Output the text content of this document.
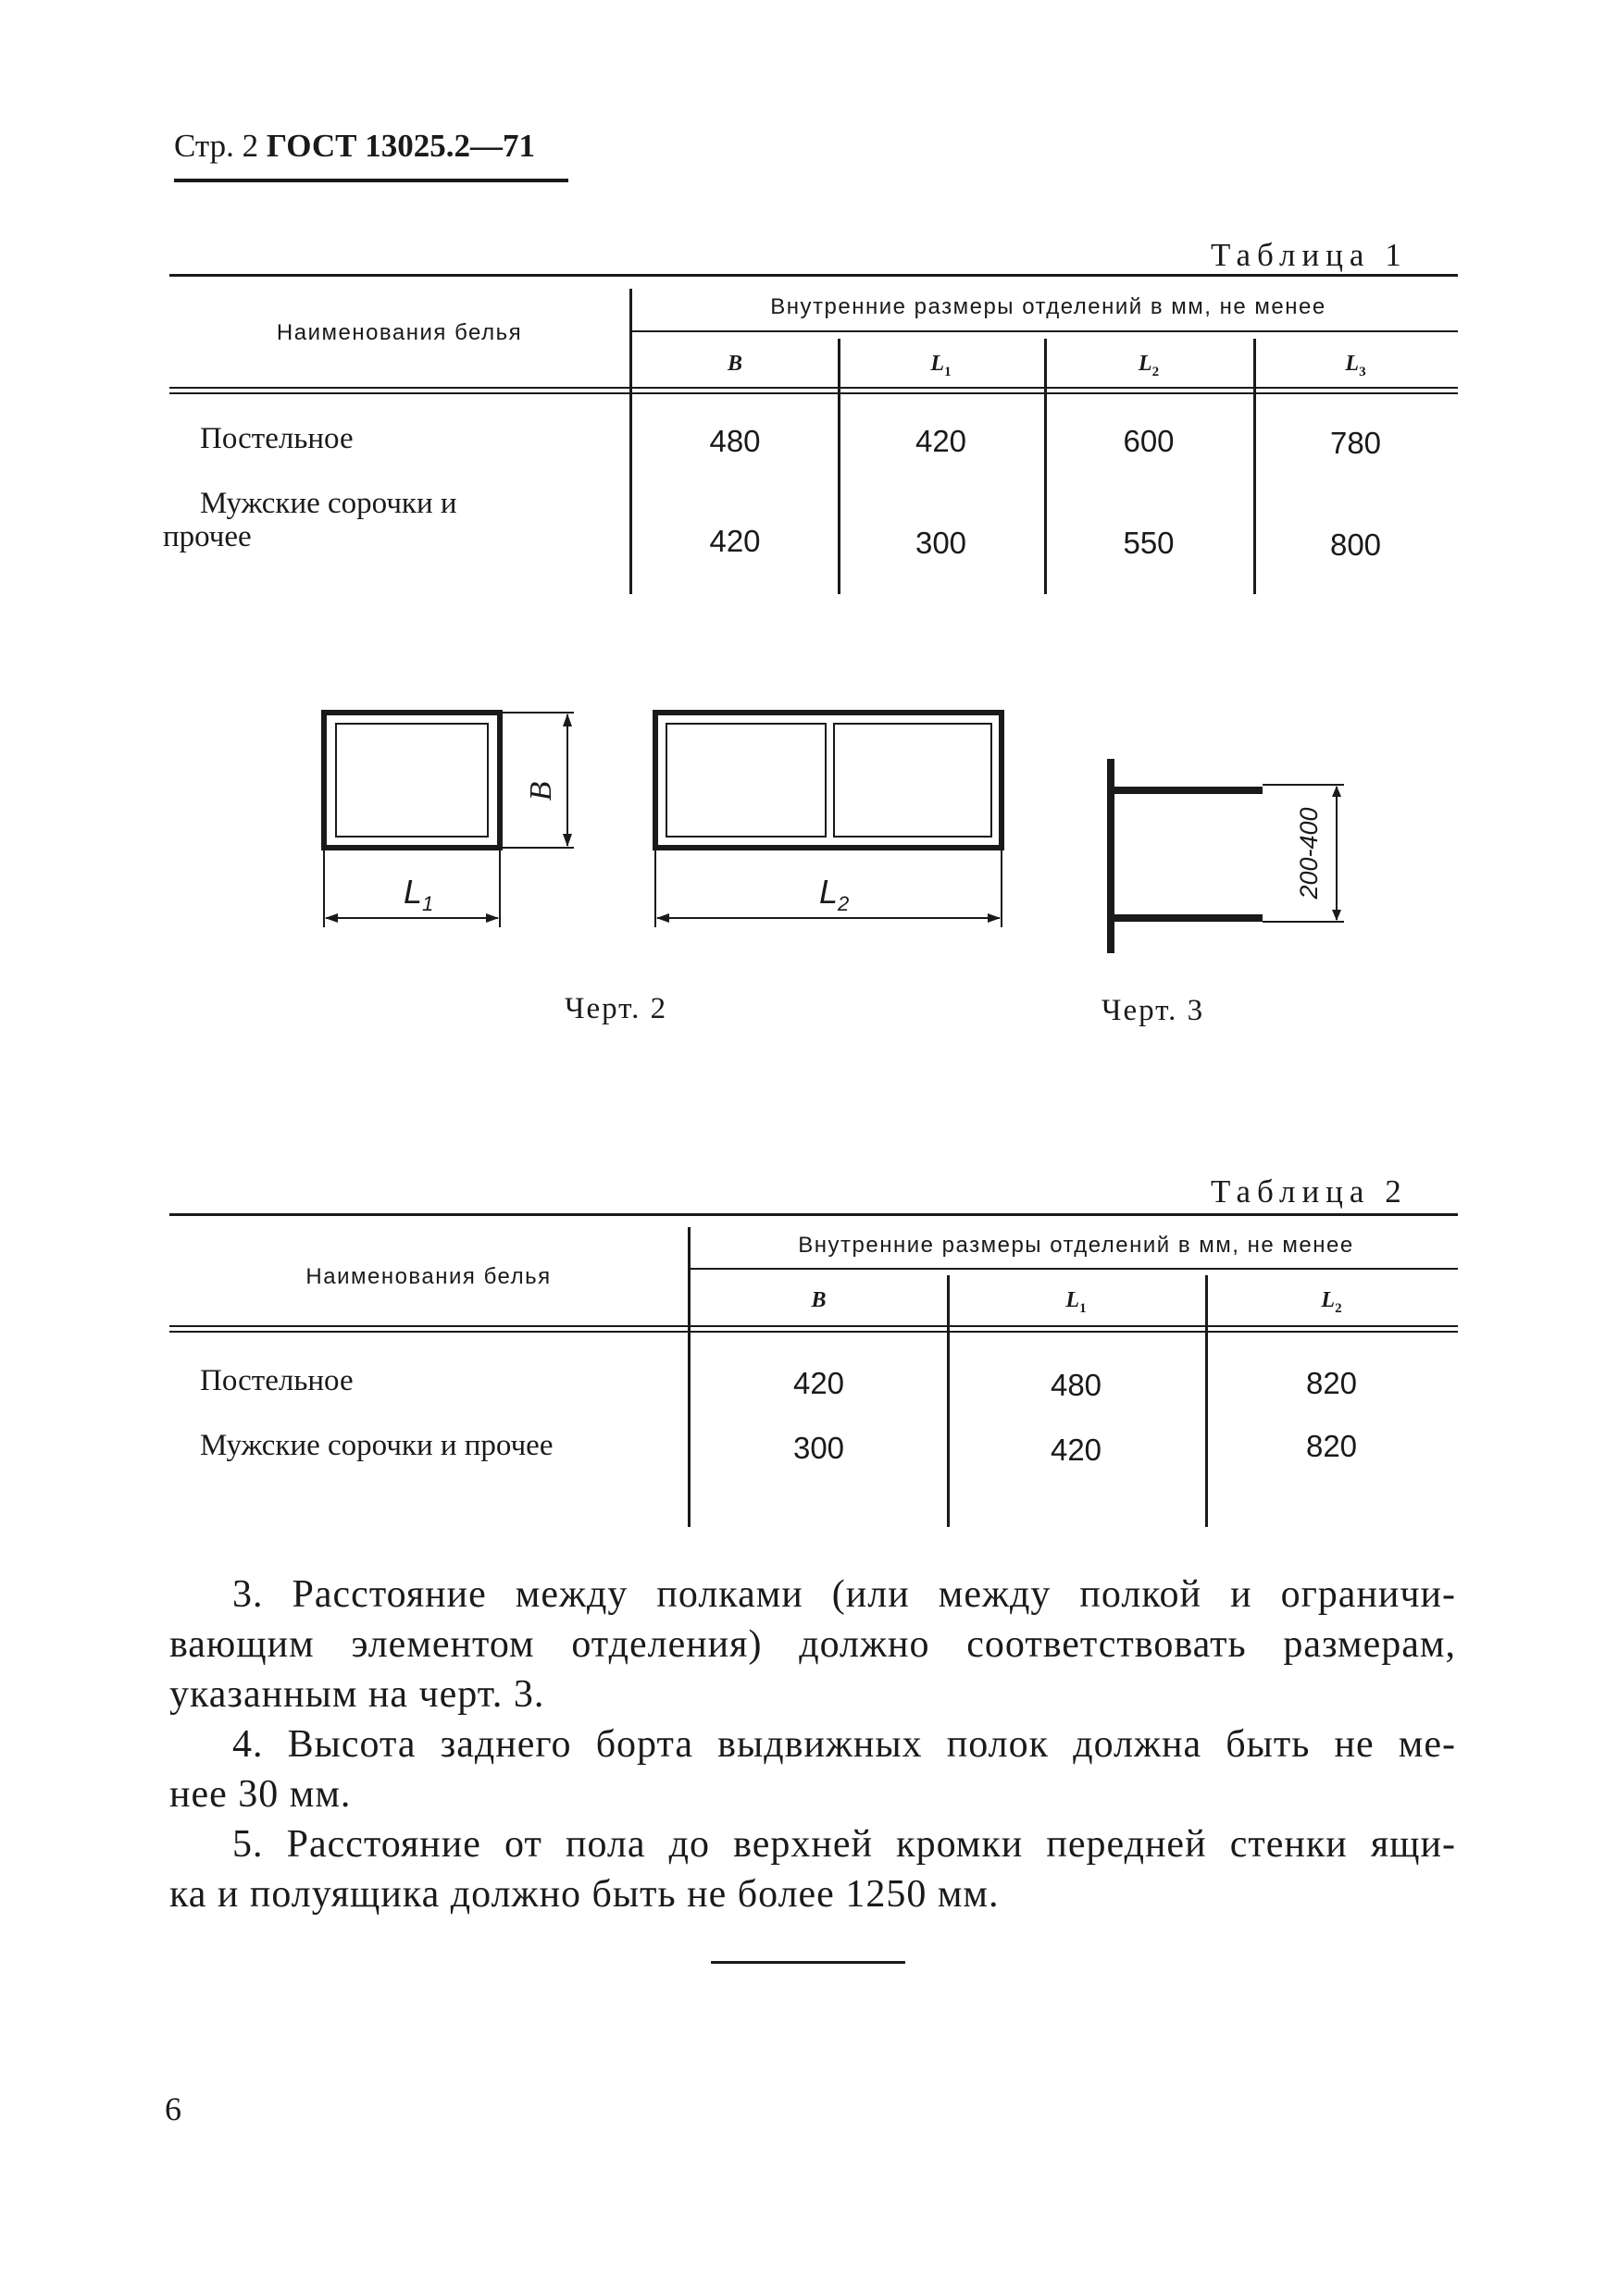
Стр. 2 ГОСТ 13025.2—71
Таблица 1
Наименования белья
Внутренние размеры отделений в мм, не менее
B	$L_1$	$L_2$	$L_3$
Постельное	480	420	600	780
Мужские сорочки и
прочее	420	300	550	800
B
$L_1$	$L_2$
200-400
Черт. 2	Черт. 3
Таблица 2
Наименования белья
Внутренние размеры отделений в мм, не менее
B	$L_1$	$L_2$
Постельное	420	480	820
Мужские сорочки и прочее	300	420	820
3. Расстояние между полками (или между полкой и ограничи-
вающим элементом отделения) должно соответствовать размерам,
указанным на черт. 3.
4. Высота заднего борта выдвижных полок должна быть не ме-
нее 30 мм.
5. Расстояние от пола до верхней кромки передней стенки ящи-
ка и полуящика должно быть не более 1250 мм.
6
